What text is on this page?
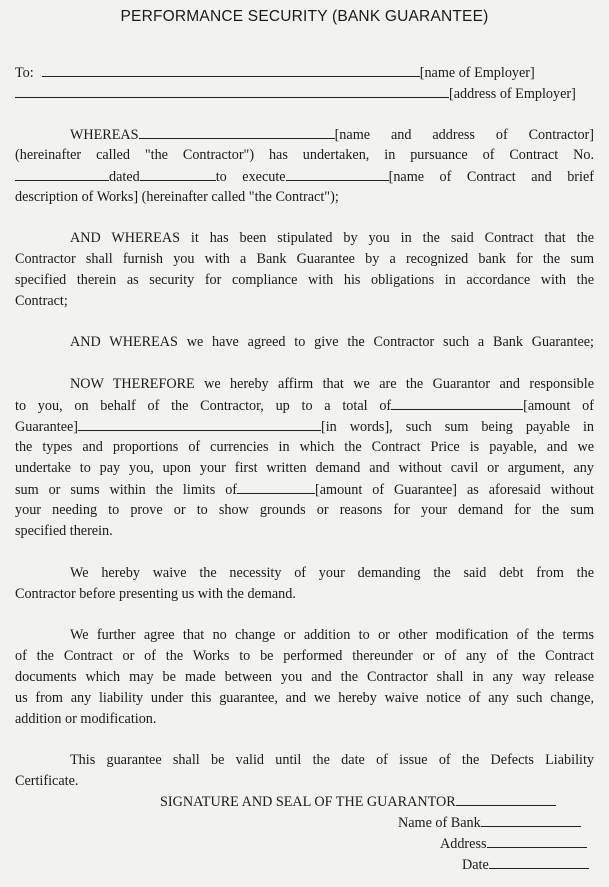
PERFORMANCE SECURITY (BANK GUARANTEE)
To:	[name of Employer]
[address of Employer]
WHEREAS	[name and address of Contractor]
(hereinafter called "the Contractor") has undertaken, in pursuance of Contract No.
dated	to execute	[name of Contract and brief
description of Works] (hereinafter called "the Contract");
AND WHEREAS it has been stipulated by you in the said Contract that the
Contractor shall furnish you with a Bank Guarantee by a recognized bank for the sum
specified therein as security for compliance with his obligations in accordance with the
Contract;
AND WHEREAS we have agreed to give the Contractor such a Bank Guarantee;
NOW THEREFORE we hereby affirm that we are the Guarantor and responsible
to you, on behalf of the Contractor, up to a total of	[amount of
Guarantee]	[in words], such sum being payable in
the types and proportions of currencies in which the Contract Price is payable, and we
undertake to pay you, upon your first written demand and without cavil or argument, any
sum or sums within the limits of	[amount of Guarantee] as aforesaid without
your needing to prove or to show grounds or reasons for your demand for the sum
specified therein.
We hereby waive the necessity of your demanding the said debt from the
Contractor before presenting us with the demand.
We further agree that no change or addition to or other modification of the terms
of the Contract or of the Works to be performed thereunder or of any of the Contract
documents which may be made between you and the Contractor shall in any way release
us from any liability under this guarantee, and we hereby waive notice of any such change,
addition or modification.
This guarantee shall be valid until the date of issue of the Defects Liability
Certificate.
SIGNATURE AND SEAL OF THE GUARANTOR
Name of Bank
Address
Date
